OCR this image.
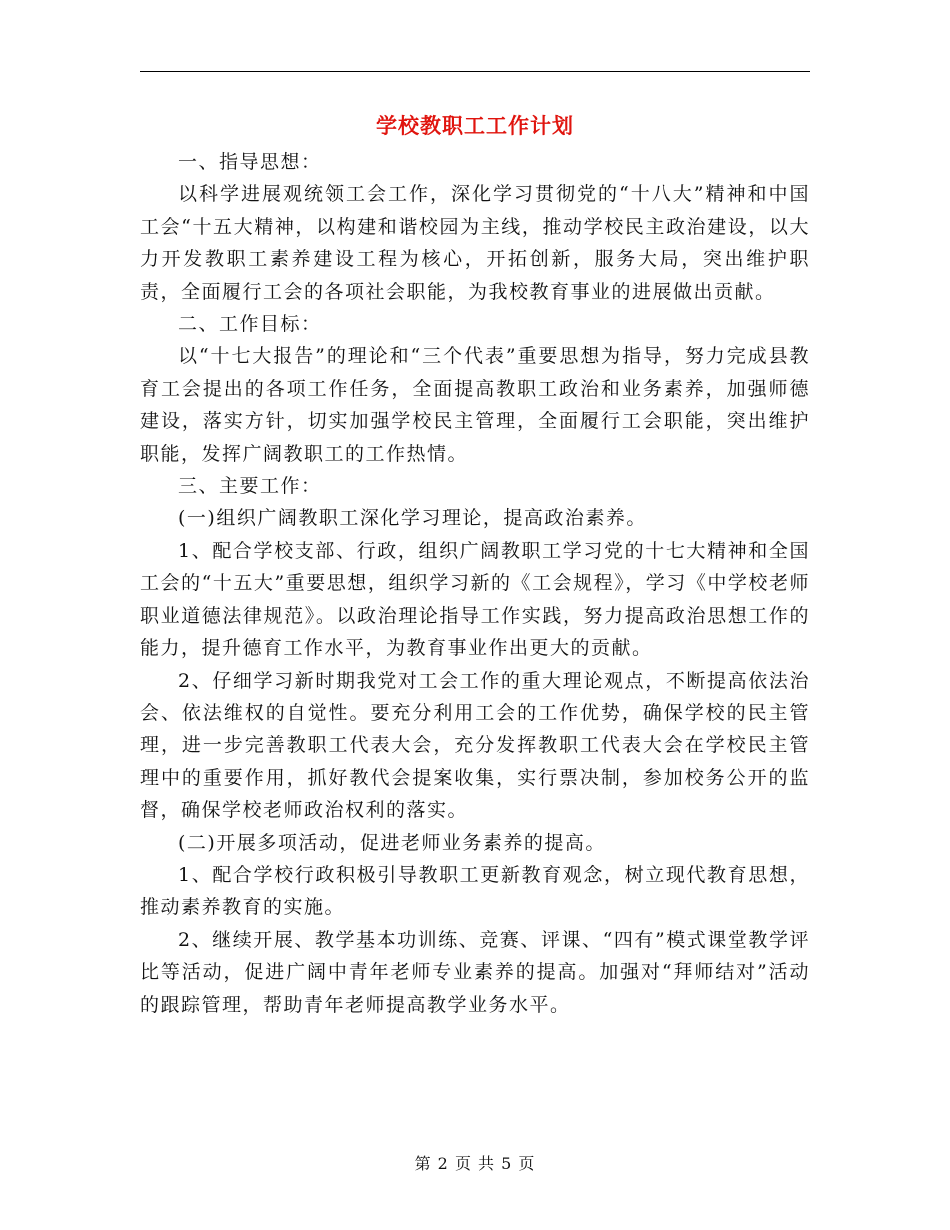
学校教职工工作计划

一、指导思想：

以科学进展观统领工会工作，深化学习贯彻党的“十八大”精神和中国工会“十五大精神，以构建和谐校园为主线，推动学校民主政治建设，以大力开发教职工素养建设工程为核心，开拓创新，服务大局，突出维护职责，全面履行工会的各项社会职能，为我校教育事业的进展做出贡献。

二、工作目标：

以“十七大报告”的理论和“三个代表”重要思想为指导，努力完成县教育工会提出的各项工作任务，全面提高教职工政治和业务素养，加强师德建设，落实方针，切实加强学校民主管理，全面履行工会职能，突出维护职能，发挥广阔教职工的工作热情。

三、主要工作：

(一)组织广阔教职工深化学习理论，提高政治素养。

1、配合学校支部、行政，组织广阔教职工学习党的十七大精神和全国工会的“十五大”重要思想，组织学习新的《工会规程》，学习《中学校老师职业道德法律规范》。以政治理论指导工作实践，努力提高政治思想工作的能力，提升德育工作水平，为教育事业作出更大的贡献。

2、仔细学习新时期我党对工会工作的重大理论观点，不断提高依法治会、依法维权的自觉性。要充分利用工会的工作优势，确保学校的民主管理，进一步完善教职工代表大会，充分发挥教职工代表大会在学校民主管理中的重要作用，抓好教代会提案收集，实行票决制，参加校务公开的监督，确保学校老师政治权利的落实。

(二)开展多项活动，促进老师业务素养的提高。

1、配合学校行政积极引导教职工更新教育观念，树立现代教育思想，推动素养教育的实施。

2、继续开展、教学基本功训练、竞赛、评课、“四有”模式课堂教学评比等活动，促进广阔中青年老师专业素养的提高。加强对“拜师结对”活动的跟踪管理，帮助青年老师提高教学业务水平。

第 2 页 共 5 页
